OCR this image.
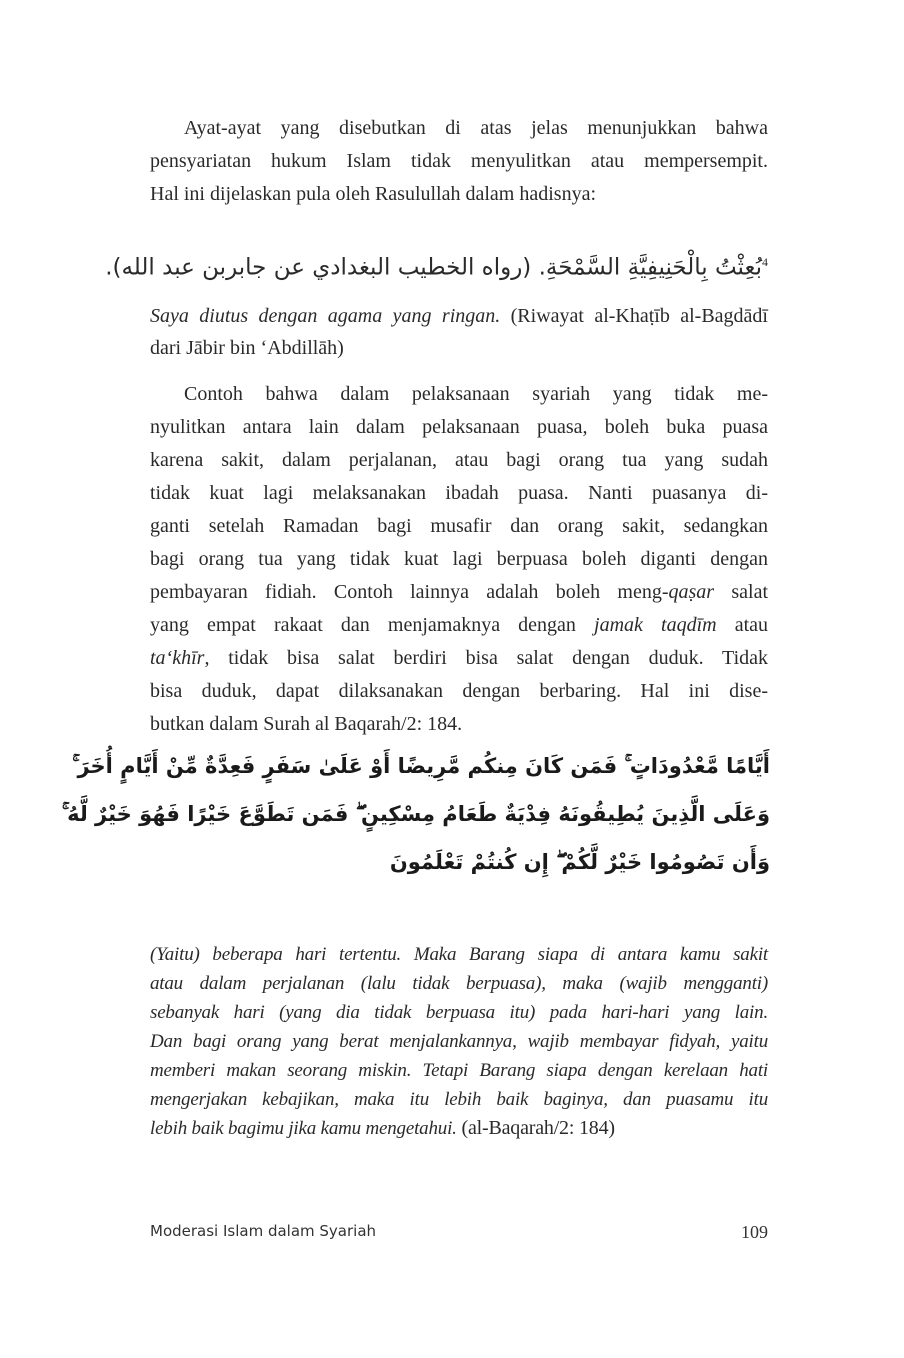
Ayat-ayat yang disebutkan di atas jelas menunjukkan bahwa
pensyariatan hukum Islam tidak menyulitkan atau mempersempit.
Hal ini dijelaskan pula oleh Rasulullah dalam hadisnya:
$^4$بُعِثْتُ بِالْحَنِيفِيَّةِ السَّمْحَةِ. (رواه الخطيب البغدادي عن جابربن عبد الله).
Saya diutus dengan agama yang ringan. (Riwayat al-Khaṭīb al-Bagdādī
dari Jābir bin ‘Abdillāh)
Contoh bahwa dalam pelaksanaan syariah yang tidak me-
nyulitkan antara lain dalam pelaksanaan puasa, boleh buka puasa
karena sakit, dalam perjalanan, atau bagi orang tua yang sudah
tidak kuat lagi melaksanakan ibadah puasa. Nanti puasanya di-
ganti setelah Ramadan bagi musafir dan orang sakit, sedangkan
bagi orang tua yang tidak kuat lagi berpuasa boleh diganti dengan
pembayaran fidiah. Contoh lainnya adalah boleh meng-qaṣar salat
yang empat rakaat dan menjamaknya dengan jamak taqdīm atau
ta‘khīr, tidak bisa salat berdiri bisa salat dengan duduk. Tidak
bisa duduk, dapat dilaksanakan dengan berbaring. Hal ini dise-
butkan dalam Surah al Baqarah/2: 184.
أَيَّامًا مَّعْدُودَاتٍ ۚ فَمَن كَانَ مِنكُم مَّرِيضًا أَوْ عَلَىٰ سَفَرٍ فَعِدَّةٌ مِّنْ أَيَّامٍ أُخَرَ ۚ
وَعَلَى الَّذِينَ يُطِيقُونَهُ فِدْيَةٌ طَعَامُ مِسْكِينٍ ۖ فَمَن تَطَوَّعَ خَيْرًا فَهُوَ خَيْرٌ لَّهُ ۚ
وَأَن تَصُومُوا خَيْرٌ لَّكُمْ ۖ إِن كُنتُمْ تَعْلَمُونَ
(Yaitu) beberapa hari tertentu. Maka Barang siapa di antara kamu sakit
atau dalam perjalanan (lalu tidak berpuasa), maka (wajib mengganti)
sebanyak hari (yang dia tidak berpuasa itu) pada hari-hari yang lain.
Dan bagi orang yang berat menjalankannya, wajib membayar fidyah, yaitu
memberi makan seorang miskin. Tetapi Barang siapa dengan kerelaan hati
mengerjakan kebajikan, maka itu lebih baik baginya, dan puasamu itu
lebih baik bagimu jika kamu mengetahui. (al-Baqarah/2: 184)
Moderasi Islam dalam Syariah	109
